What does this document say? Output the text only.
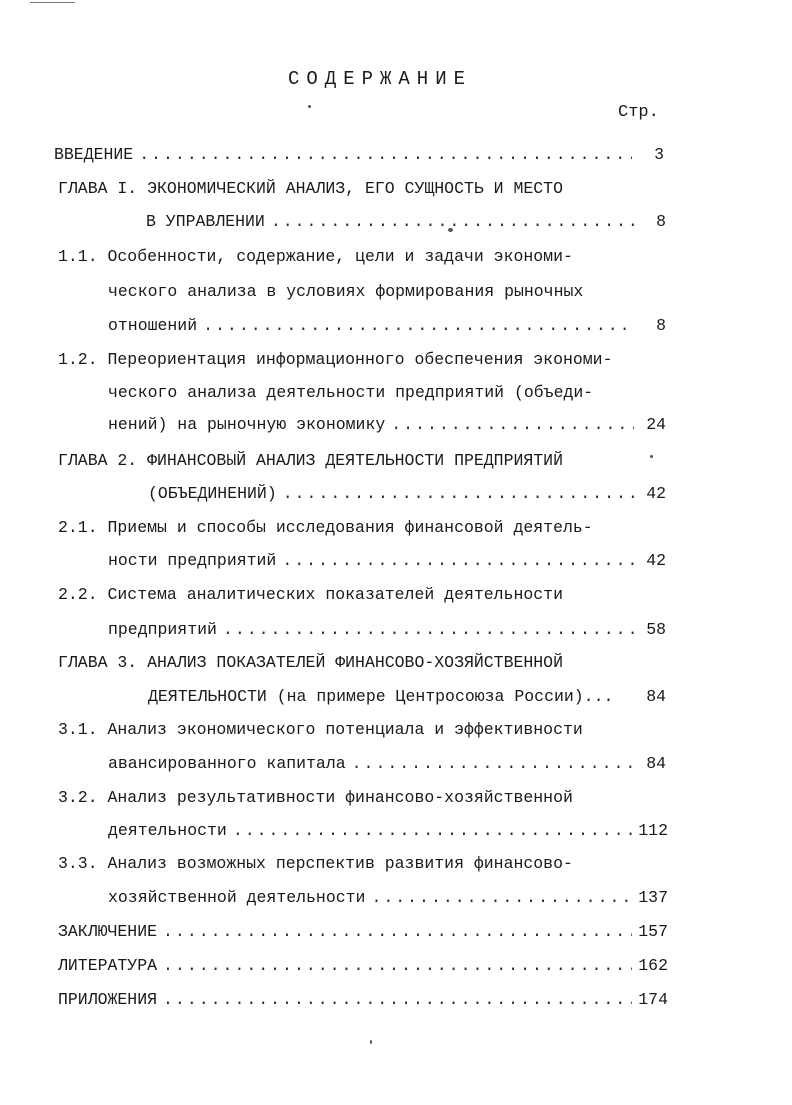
СОДЕРЖАНИЕ
Стр.
ВВЕДЕНИЕ .....	3
ГЛАВА I. ЭКОНОМИЧЕСКИЙ АНАЛИЗ, ЕГО СУЩНОСТЬ И МЕСТО
В УПРАВЛЕНИИ .....	8
1.1. Особенности, содержание, цели и задачи экономи-
ческого анализа в условиях формирования рыночных
отношений .....	8
1.2. Переориентация информационного обеспечения экономи-
ческого анализа деятельности предприятий (объеди-
нений) на рыночную экономику .....	24
ГЛАВА 2. ФИНАНСОВЫЙ АНАЛИЗ ДЕЯТЕЛЬНОСТИ ПРЕДПРИЯТИЙ
(ОБЪЕДИНЕНИЙ) .....	42
2.1. Приемы и способы исследования финансовой деятель-
ности предприятий .....	42
2.2. Система аналитических показателей деятельности
предприятий .....	58
ГЛАВА 3. АНАЛИЗ ПОКАЗАТЕЛЕЙ ФИНАНСОВО-ХОЗЯЙСТВЕННОЙ
ДЕЯТЕЛЬНОСТИ (на примере Центросоюза России)...	84
3.1. Анализ экономического потенциала и эффективности
авансированного капитала .....	84
3.2. Анализ результативности финансово-хозяйственной
деятельности .....	112
3.3. Анализ возможных перспектив развития финансово-
хозяйственной деятельности .....	137
ЗАКЛЮЧЕНИЕ .....	157
ЛИТЕРАТУРА .....	162
ПРИЛОЖЕНИЯ .....	174
